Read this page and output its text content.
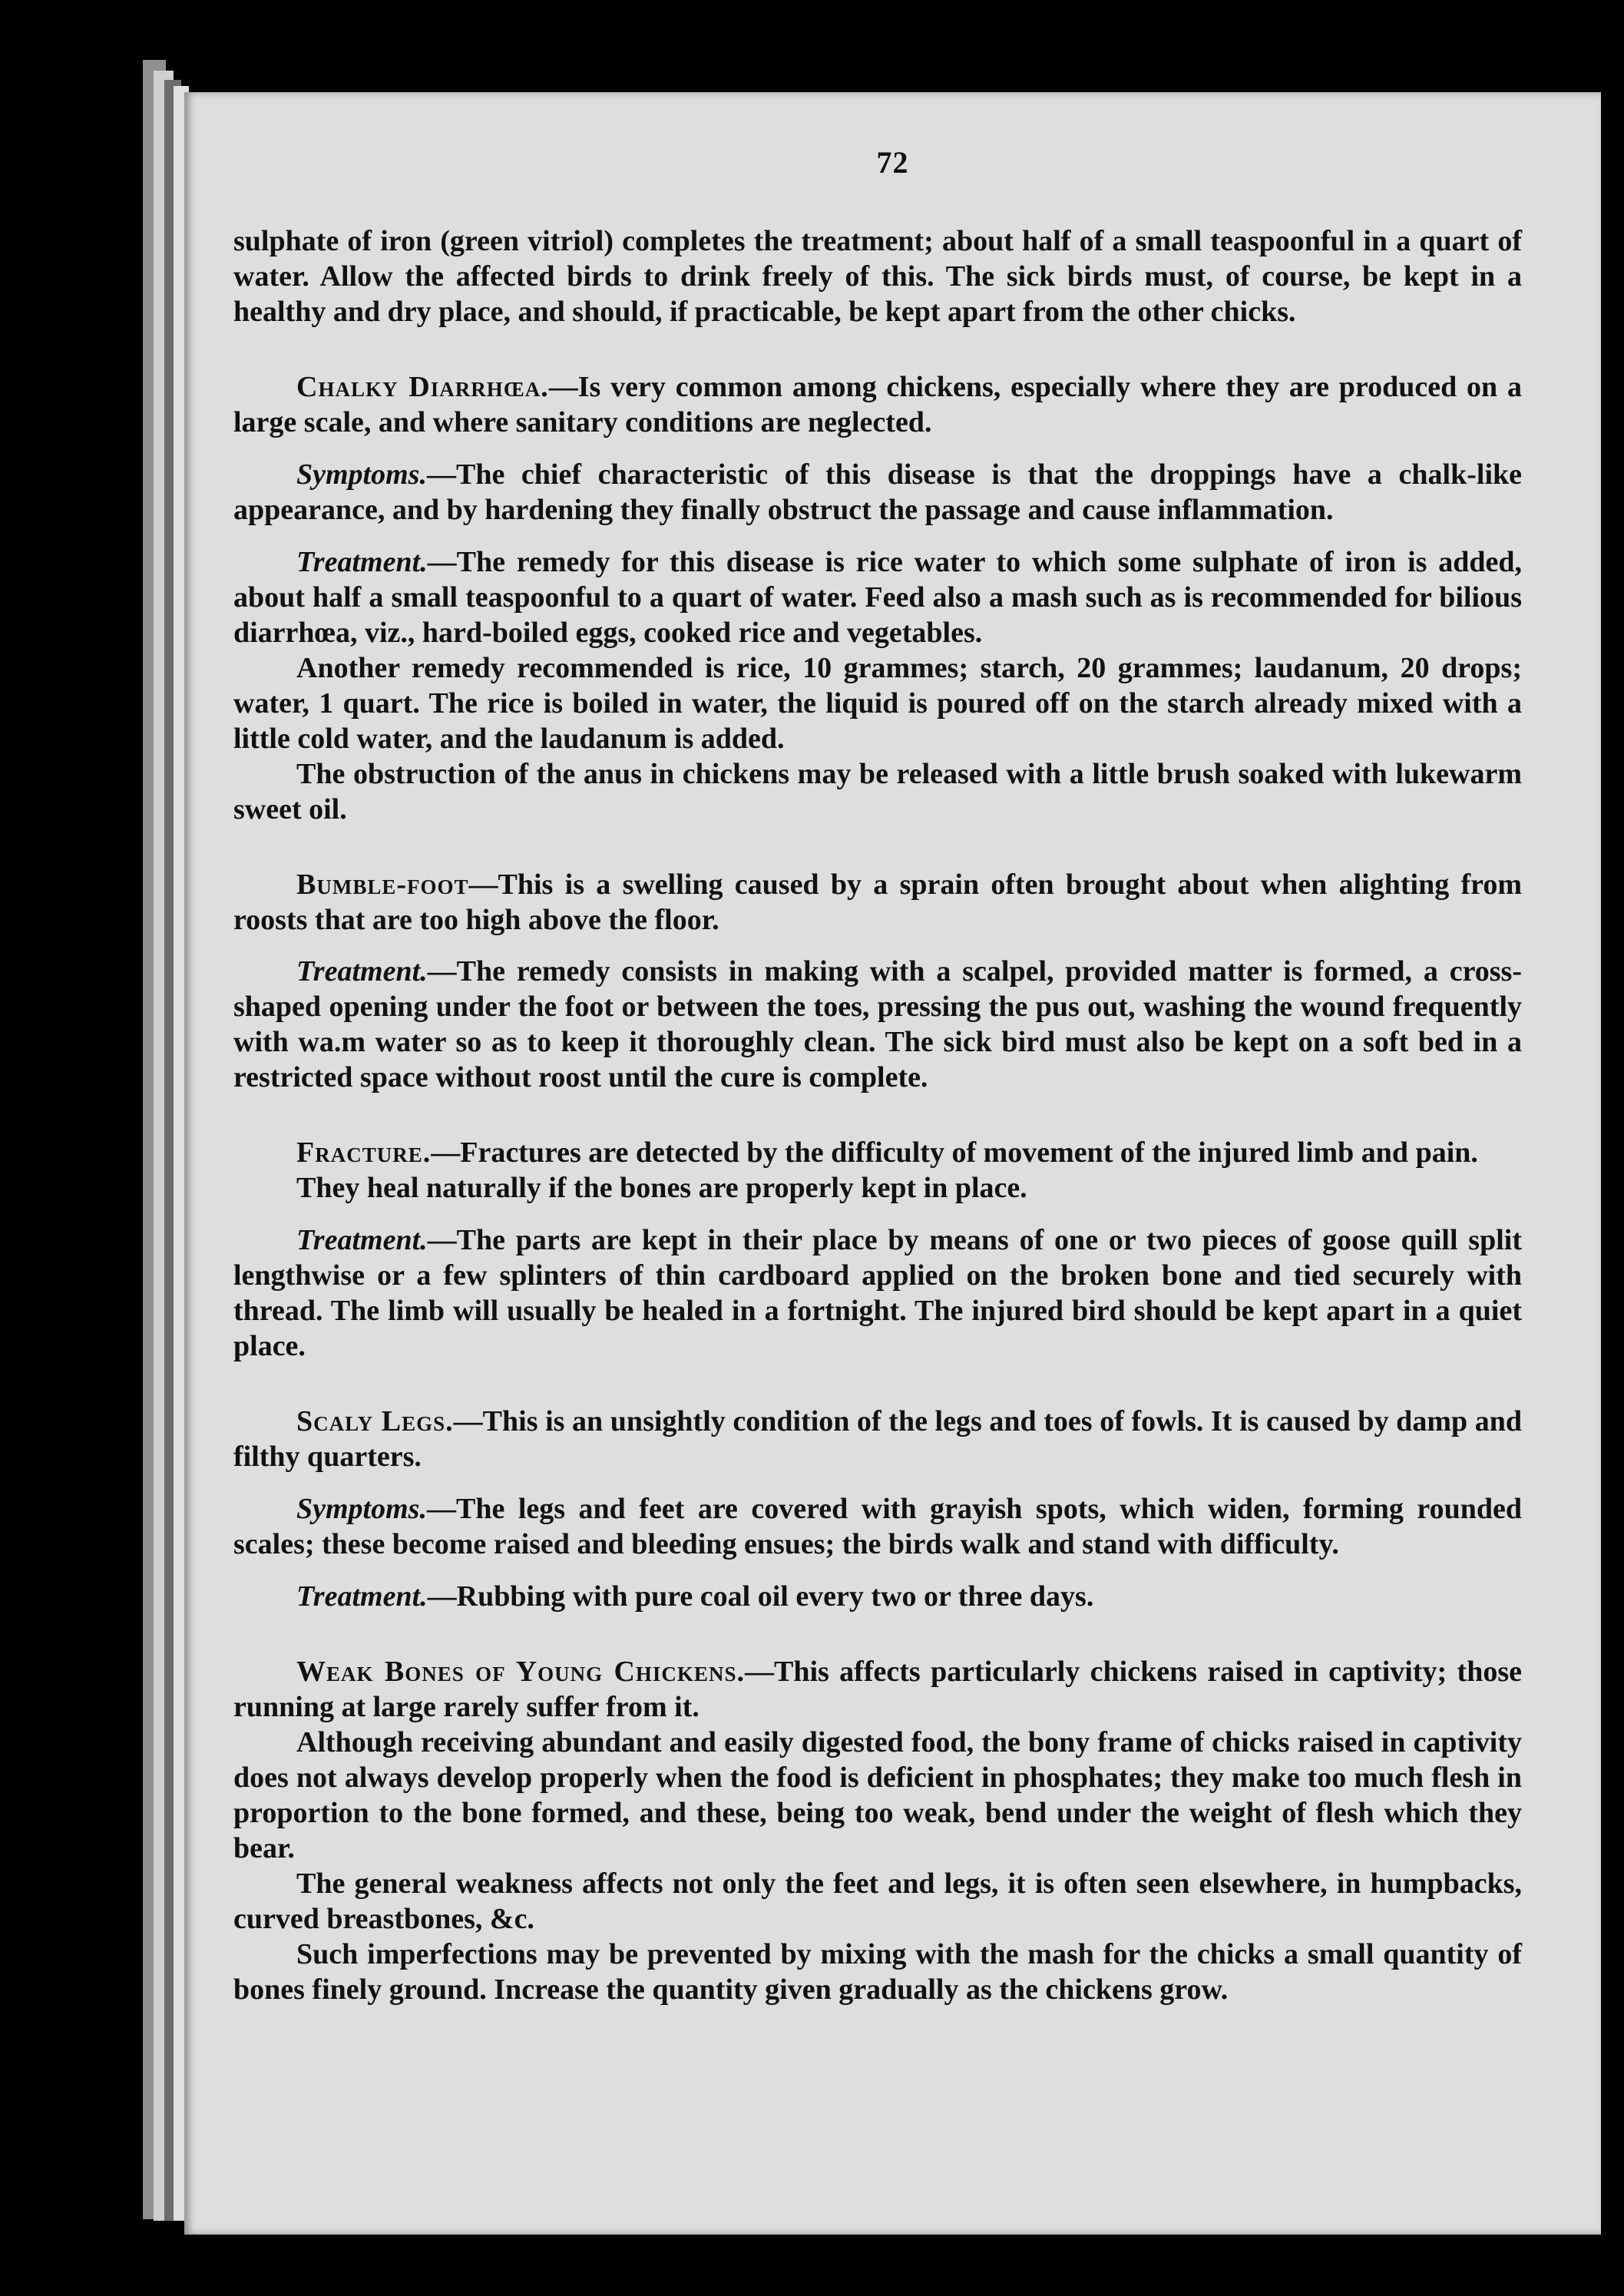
72

sulphate of iron (green vitriol) completes the treatment; about half of a small teaspoonful in a quart of water. Allow the affected birds to drink freely of this. The sick birds must, of course, be kept in a healthy and dry place, and should, if practicable, be kept apart from the other chicks.

Chalky Diarrhœa.—Is very common among chickens, especially where they are produced on a large scale, and where sanitary conditions are neglected.

Symptoms.—The chief characteristic of this disease is that the droppings have a chalk-like appearance, and by hardening they finally obstruct the passage and cause inflammation.

Treatment.—The remedy for this disease is rice water to which some sulphate of iron is added, about half a small teaspoonful to a quart of water. Feed also a mash such as is recommended for bilious diarrhœa, viz., hard-boiled eggs, cooked rice and vegetables.

Another remedy recommended is rice, 10 grammes; starch, 20 grammes; laudanum, 20 drops; water, 1 quart. The rice is boiled in water, the liquid is poured off on the starch already mixed with a little cold water, and the laudanum is added.

The obstruction of the anus in chickens may be released with a little brush soaked with lukewarm sweet oil.

Bumble-foot—This is a swelling caused by a sprain often brought about when alighting from roosts that are too high above the floor.

Treatment.—The remedy consists in making with a scalpel, provided matter is formed, a cross-shaped opening under the foot or between the toes, pressing the pus out, washing the wound frequently with wa.m water so as to keep it thoroughly clean. The sick bird must also be kept on a soft bed in a restricted space without roost until the cure is complete.

Fracture.—Fractures are detected by the difficulty of movement of the injured limb and pain.

They heal naturally if the bones are properly kept in place.

Treatment.—The parts are kept in their place by means of one or two pieces of goose quill split lengthwise or a few splinters of thin cardboard applied on the broken bone and tied securely with thread. The limb will usually be healed in a fortnight. The injured bird should be kept apart in a quiet place.

Scaly Legs.—This is an unsightly condition of the legs and toes of fowls. It is caused by damp and filthy quarters.

Symptoms.—The legs and feet are covered with grayish spots, which widen, forming rounded scales; these become raised and bleeding ensues; the birds walk and stand with difficulty.

Treatment.—Rubbing with pure coal oil every two or three days.

Weak Bones of Young Chickens.—This affects particularly chickens raised in captivity; those running at large rarely suffer from it.

Although receiving abundant and easily digested food, the bony frame of chicks raised in captivity does not always develop properly when the food is deficient in phosphates; they make too much flesh in proportion to the bone formed, and these, being too weak, bend under the weight of flesh which they bear.

The general weakness affects not only the feet and legs, it is often seen elsewhere, in humpbacks, curved breastbones, &c.

Such imperfections may be prevented by mixing with the mash for the chicks a small quantity of bones finely ground. Increase the quantity given gradually as the chickens grow.
